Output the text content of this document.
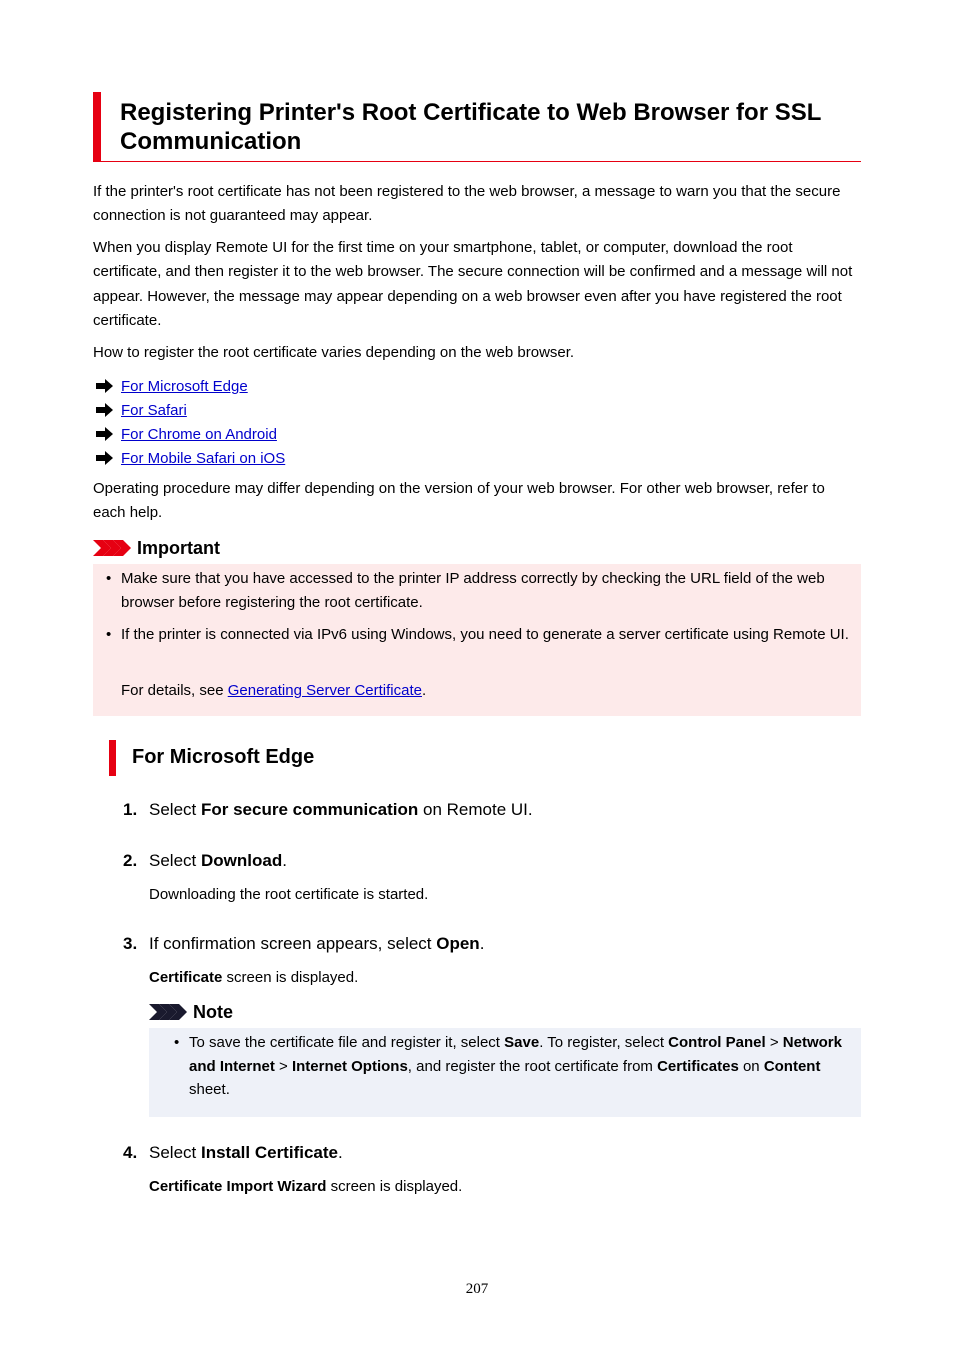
Registering Printer's Root Certificate to Web Browser for SSL Communication

If the printer's root certificate has not been registered to the web browser, a message to warn you that the secure connection is not guaranteed may appear.

When you display Remote UI for the first time on your smartphone, tablet, or computer, download the root certificate, and then register it to the web browser. The secure connection will be confirmed and a message will not appear. However, the message may appear depending on a web browser even after you have registered the root certificate.

How to register the root certificate varies depending on the web browser.

For Microsoft Edge
For Safari
For Chrome on Android
For Mobile Safari on iOS

Operating procedure may differ depending on the version of your web browser. For other web browser, refer to each help.

Important
• Make sure that you have accessed to the printer IP address correctly by checking the URL field of the web browser before registering the root certificate.
• If the printer is connected via IPv6 using Windows, you need to generate a server certificate using Remote UI.
For details, see Generating Server Certificate.
For Microsoft Edge
1. Select For secure communication on Remote UI.
2. Select Download.
Downloading the root certificate is started.
3. If confirmation screen appears, select Open.
Certificate screen is displayed.
Note
• To save the certificate file and register it, select Save. To register, select Control Panel > Network and Internet > Internet Options, and register the root certificate from Certificates on Content sheet.
4. Select Install Certificate.
Certificate Import Wizard screen is displayed.
207
